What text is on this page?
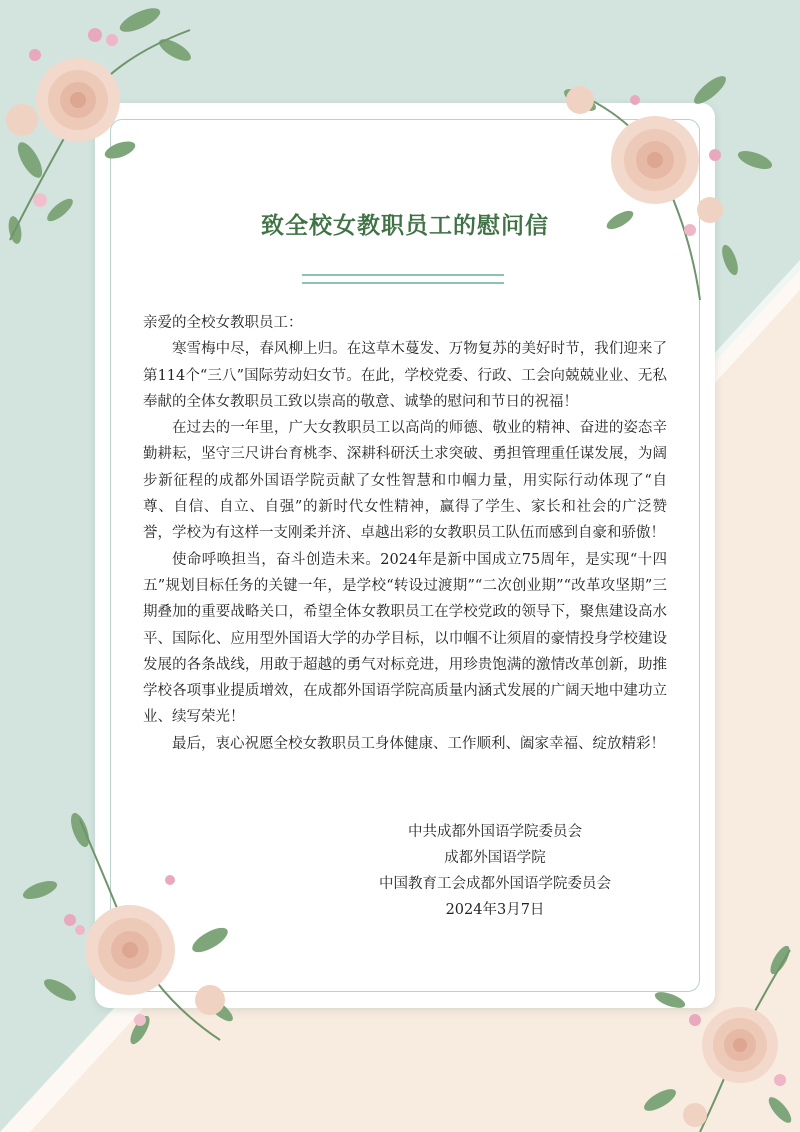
致全校女教职员工的慰问信

亲爱的全校女教职员工：

寒雪梅中尽，春风柳上归。在这草木蔓发、万物复苏的美好时节，我们迎来了第114个“三八”国际劳动妇女节。在此，学校党委、行政、工会向兢兢业业、无私奉献的全体女教职员工致以崇高的敬意、诚挚的慰问和节日的祝福！

在过去的一年里，广大女教职员工以高尚的师德、敬业的精神、奋进的姿态辛勤耕耘，坚守三尺讲台育桃李、深耕科研沃土求突破、勇担管理重任谋发展，为阔步新征程的成都外国语学院贡献了女性智慧和巾帼力量，用实际行动体现了“自尊、自信、自立、自强”的新时代女性精神，赢得了学生、家长和社会的广泛赞誉，学校为有这样一支刚柔并济、卓越出彩的女教职员工队伍而感到自豪和骄傲！

使命呼唤担当，奋斗创造未来。2024年是新中国成立75周年，是实现“十四五”规划目标任务的关键一年，是学校“转设过渡期”“二次创业期”“改革攻坚期”三期叠加的重要战略关口，希望全体女教职员工在学校党政的领导下，聚焦建设高水平、国际化、应用型外国语大学的办学目标，以巾帼不让须眉的豪情投身学校建设发展的各条战线，用敢于超越的勇气对标竞进，用珍贵饱满的激情改革创新，助推学校各项事业提质增效，在成都外国语学院高质量内涵式发展的广阔天地中建功立业、续写荣光！

最后，衷心祝愿全校女教职员工身体健康、工作顺利、阖家幸福、绽放精彩！

中共成都外国语学院委员会
成都外国语学院
中国教育工会成都外国语学院委员会
2024年3月7日
